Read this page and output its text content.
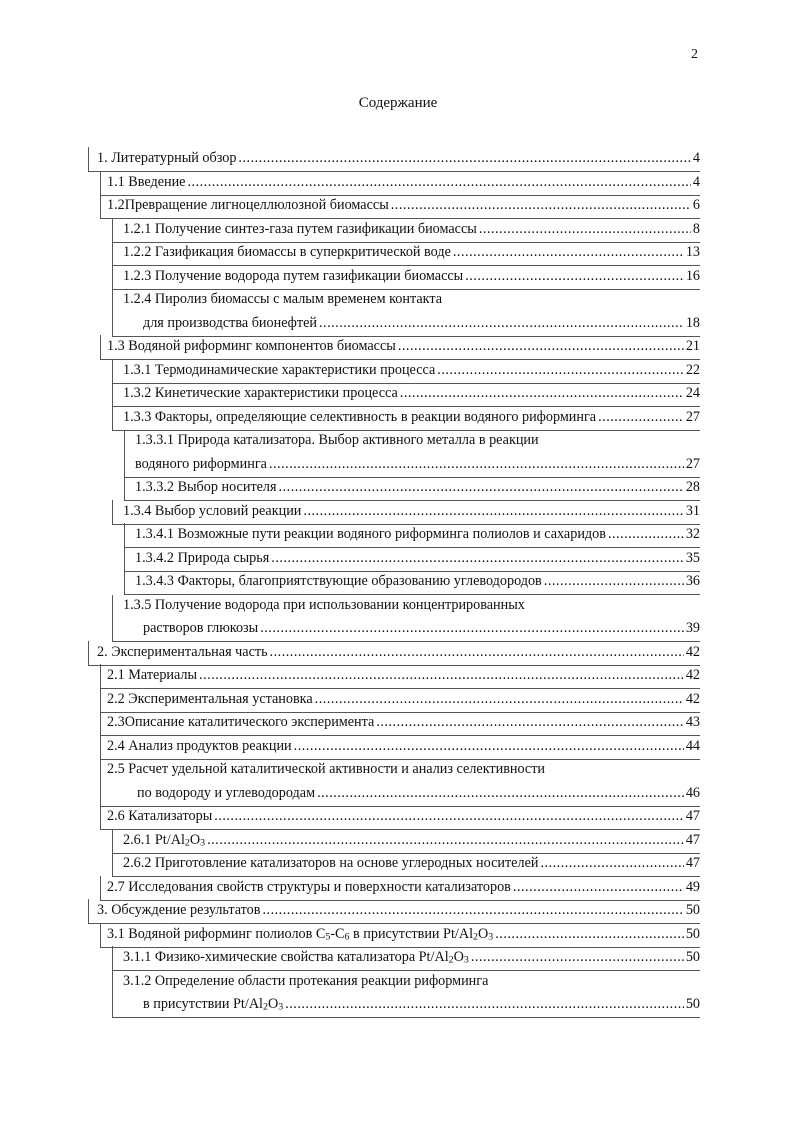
2
Содержание
1. Литературный обзор .....	4
1.1 Введение .....	4
1.2Превращение лигноцеллюлозной биомассы .....	6
1.2.1 Получение синтез-газа путем газификации биомассы .....	8
1.2.2 Газификация биомассы в суперкритической воде .....	13
1.2.3 Получение водорода путем газификации биомассы .....	16
1.2.4 Пиролиз биомассы с малым временем контакта
для производства бионефтей .....	18
1.3 Водяной риформинг компонентов биомассы .....	21
1.3.1 Термодинамические характеристики процесса .....	22
1.3.2 Кинетические характеристики процесса .....	24
1.3.3 Факторы, определяющие селективность в реакции водяного риформинга .....	27
1.3.3.1 Природа катализатора. Выбор активного металла в реакции
водяного риформинга .....	27
1.3.3.2 Выбор носителя .....	28
1.3.4 Выбор условий реакции .....	31
1.3.4.1 Возможные пути реакции водяного риформинга полиолов и сахаридов .....	32
1.3.4.2 Природа сырья .....	35
1.3.4.3 Факторы, благоприятствующие образованию углеводородов .....	36
1.3.5 Получение водорода при использовании концентрированных
растворов глюкозы .....	39
2. Экспериментальная часть .....	42
2.1 Материалы .....	42
2.2 Экспериментальная установка .....	42
2.3Описание каталитического эксперимента .....	43
2.4 Анализ продуктов реакции .....	44
2.5 Расчет удельной каталитической активности и анализ селективности
по водороду и углеводородам .....	46
2.6 Катализаторы .....	47
2.6.1 $Pt/Al_2O_3$ .....	47
2.6.2 Приготовление катализаторов на основе углеродных носителей .....	47
2.7 Исследования свойств структуры и поверхности катализаторов .....	49
3. Обсуждение результатов .....	50
3.1 Водяной риформинг полиолов $C_5-C_6$ в присутствии $Pt/Al_2O_3$ .....	50
3.1.1 Физико-химические свойства катализатора $Pt/Al_2O_3$ .....	50
3.1.2 Определение области протекания реакции риформинга
в присутствии $Pt/Al_2O_3$ .....	50
